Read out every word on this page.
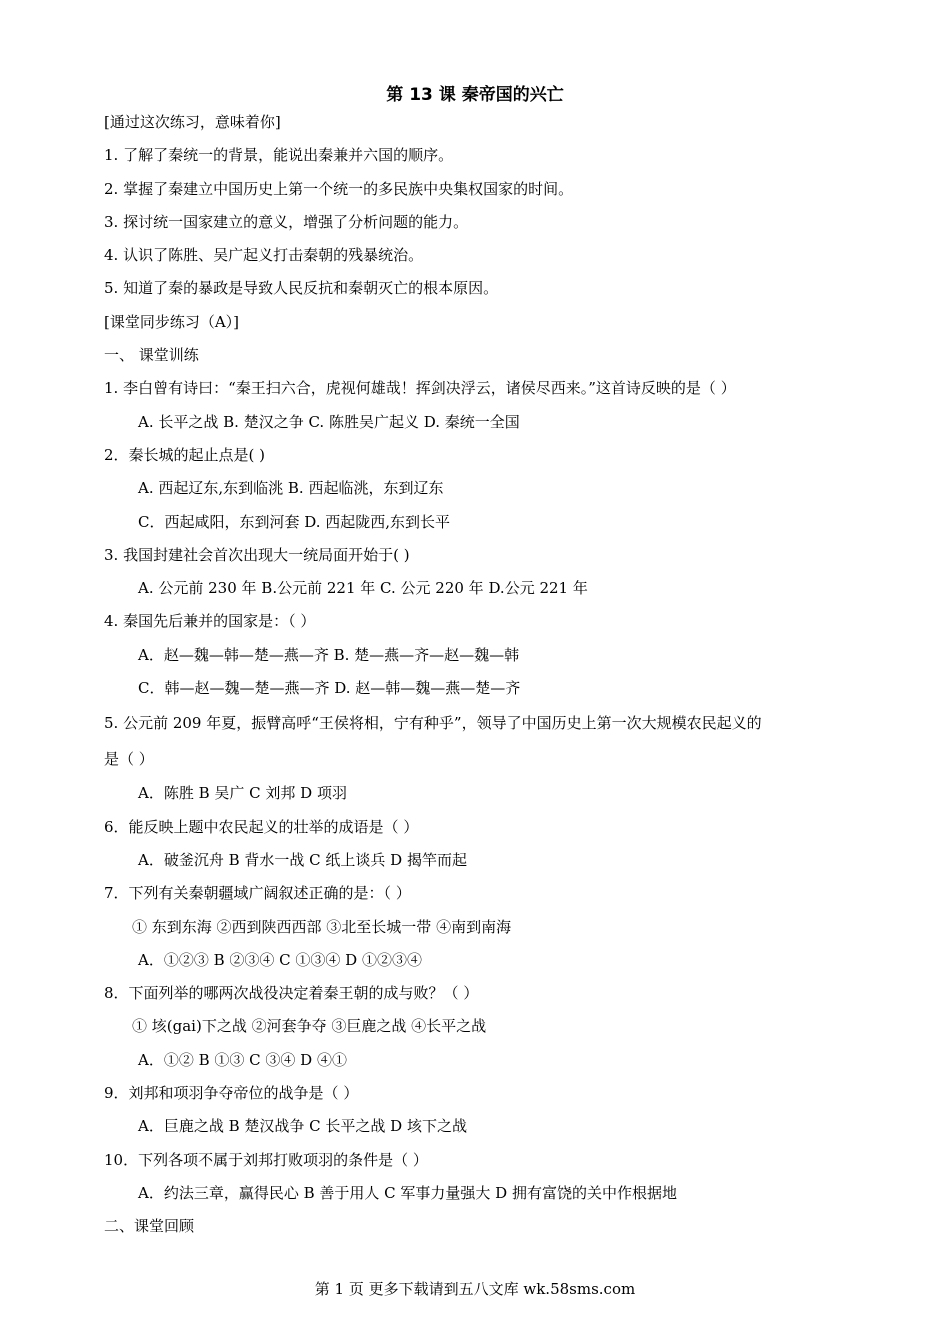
第 13 课 秦帝国的兴亡
[通过这次练习，意味着你]
1. 了解了秦统一的背景，能说出秦兼并六国的顺序。
2. 掌握了秦建立中国历史上第一个统一的多民族中央集权国家的时间。
3. 探讨统一国家建立的意义，增强了分析问题的能力。
4. 认识了陈胜、吴广起义打击秦朝的残暴统治。
5. 知道了秦的暴政是导致人民反抗和秦朝灭亡的根本原因。
[课堂同步练习（A）]
一、 课堂训练
1. 李白曾有诗曰：“秦王扫六合，虎视何雄哉！挥剑决浮云，诸侯尽西来。”这首诗反映的是（ ）
A. 长平之战 B. 楚汉之争 C. 陈胜吴广起义 D. 秦统一全国
2．秦长城的起止点是( )
A. 西起辽东,东到临洮 B. 西起临洮，东到辽东
C．西起咸阳，东到河套 D. 西起陇西,东到长平
3. 我国封建社会首次出现大一统局面开始于( )
A. 公元前 230 年 B.公元前 221 年 C. 公元 220 年 D.公元 221 年
4. 秦国先后兼并的国家是：（ ）
A．赵—魏—韩—楚—燕—齐 B. 楚—燕—齐—赵—魏—韩
C．韩—赵—魏—楚—燕—齐 D. 赵—韩—魏—燕—楚—齐
5. 公元前 209 年夏，振臂高呼“王侯将相，宁有种乎”，领导了中国历史上第一次大规模农民起义的
是（ ）
A．陈胜 B 吴广 C 刘邦 D 项羽
6．能反映上题中农民起义的壮举的成语是（ ）
A．破釜沉舟 B 背水一战 C 纸上谈兵 D 揭竿而起
7．下列有关秦朝疆域广阔叙述正确的是：（ ）
① 东到东海 ②西到陕西西部 ③北至长城一带 ④南到南海
A．①②③ B ②③④ C ①③④ D ①②③④
8．下面列举的哪两次战役决定着秦王朝的成与败？（ ）
① 垓(gai)下之战 ②河套争夺 ③巨鹿之战 ④长平之战
A．①② B ①③ C ③④ D ④①
9．刘邦和项羽争夺帝位的战争是（ ）
A．巨鹿之战 B 楚汉战争 C 长平之战 D 垓下之战
10．下列各项不属于刘邦打败项羽的条件是（ ）
A．约法三章，赢得民心 B 善于用人 C 军事力量强大 D 拥有富饶的关中作根据地
二、课堂回顾
第 1 页 更多下载请到五八文库 wk.58sms.com
